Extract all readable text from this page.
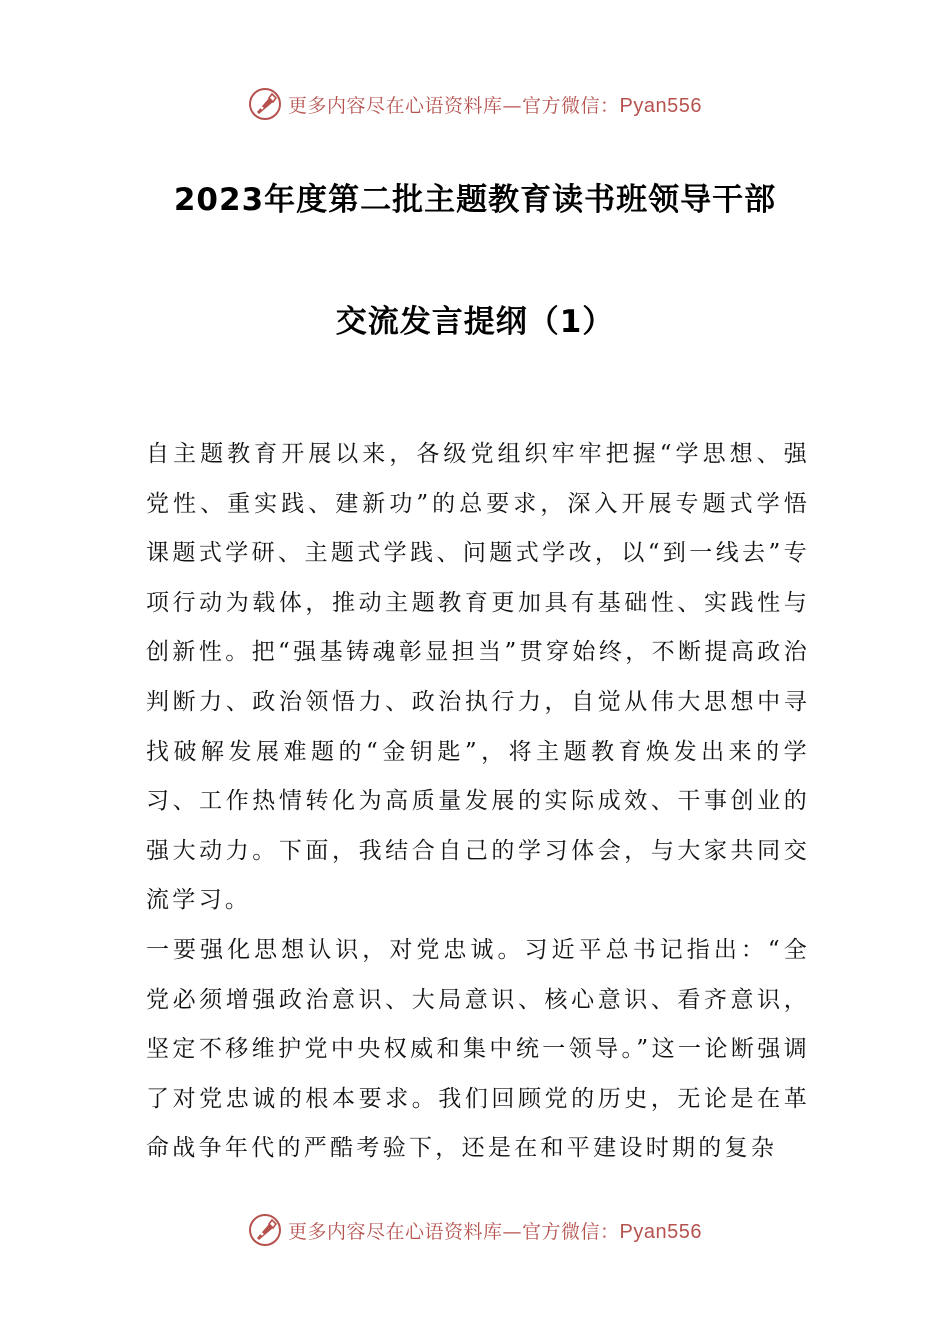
更多内容尽在心语资料库—官方微信：Pyan556
2023年度第二批主题教育读书班领导干部
交流发言提纲（1）

自主题教育开展以来，各级党组织牢牢把握“学思想、强党性、重实践、建新功”的总要求，深入开展专题式学悟课题式学研、主题式学践、问题式学改，以“到一线去”专项行动为载体，推动主题教育更加具有基础性、实践性与创新性。把“强基铸魂彰显担当”贯穿始终，不断提高政治判断力、政治领悟力、政治执行力，自觉从伟大思想中寻找破解发展难题的“金钥匙”，将主题教育焕发出来的学习、工作热情转化为高质量发展的实际成效、干事创业的强大动力。下面，我结合自己的学习体会，与大家共同交流学习。

一要强化思想认识，对党忠诚。习近平总书记指出：“全党必须增强政治意识、大局意识、核心意识、看齐意识，坚定不移维护党中央权威和集中统一领导。”这一论断强调了对党忠诚的根本要求。我们回顾党的历史，无论是在革命战争年代的严酷考验下，还是在和平建设时期的复杂

更多内容尽在心语资料库—官方微信：Pyan556
